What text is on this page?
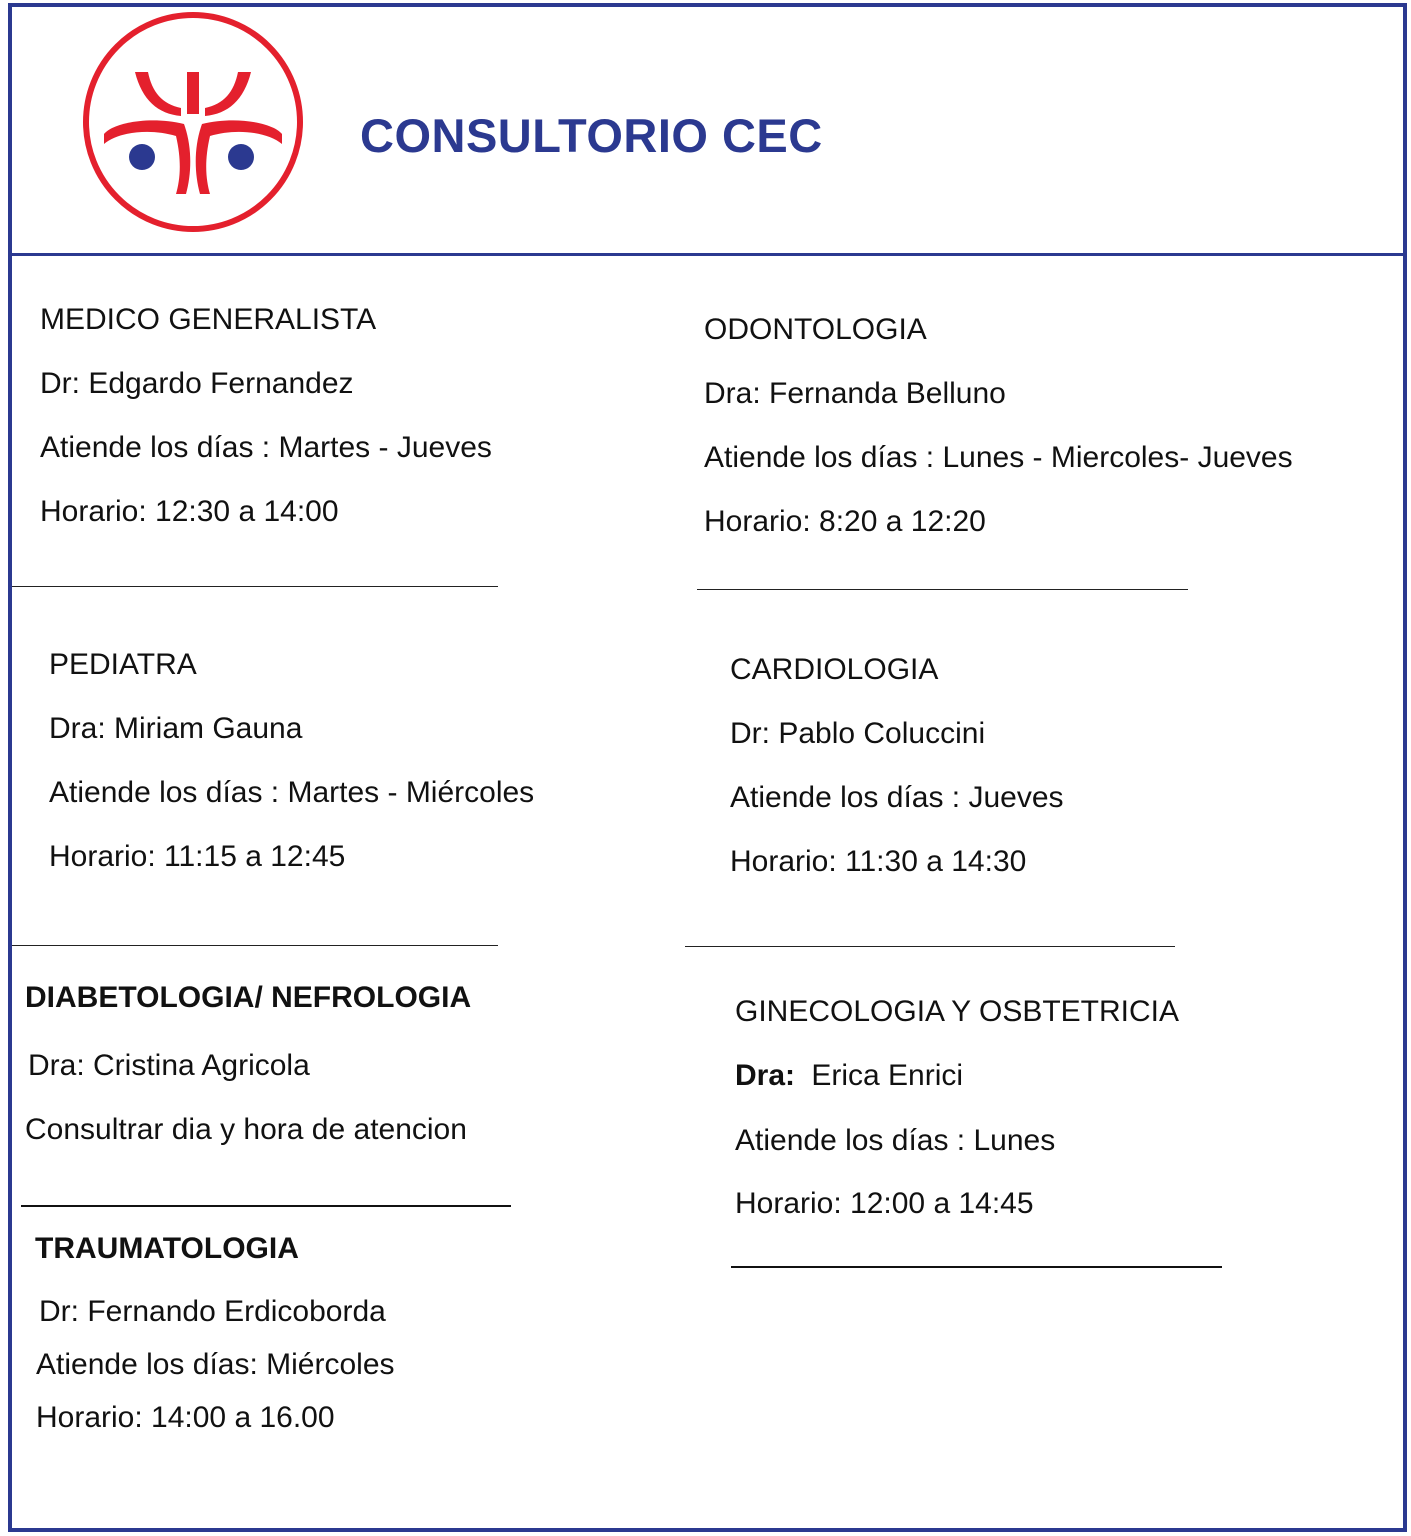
CONSULTORIO CEC
MEDICO GENERALISTA
Dr: Edgardo Fernandez
Atiende los días : Martes - Jueves
Horario: 12:30 a 14:00
ODONTOLOGIA
Dra: Fernanda Belluno
Atiende los días : Lunes - Miercoles- Jueves
Horario: 8:20 a 12:20
PEDIATRA
Dra: Miriam Gauna
Atiende los días : Martes - Miércoles
Horario: 11:15 a 12:45
CARDIOLOGIA
Dr: Pablo Coluccini
Atiende los días : Jueves
Horario: 11:30 a 14:30
DIABETOLOGIA/ NEFROLOGIA
Dra: Cristina Agricola
Consultrar dia y hora de atencion
GINECOLOGIA Y OSBTETRICIA
Dra: Erica Enrici
Atiende los días : Lunes
Horario: 12:00 a 14:45
TRAUMATOLOGIA
Dr: Fernando Erdicoborda
Atiende los días: Miércoles
Horario: 14:00 a 16.00
